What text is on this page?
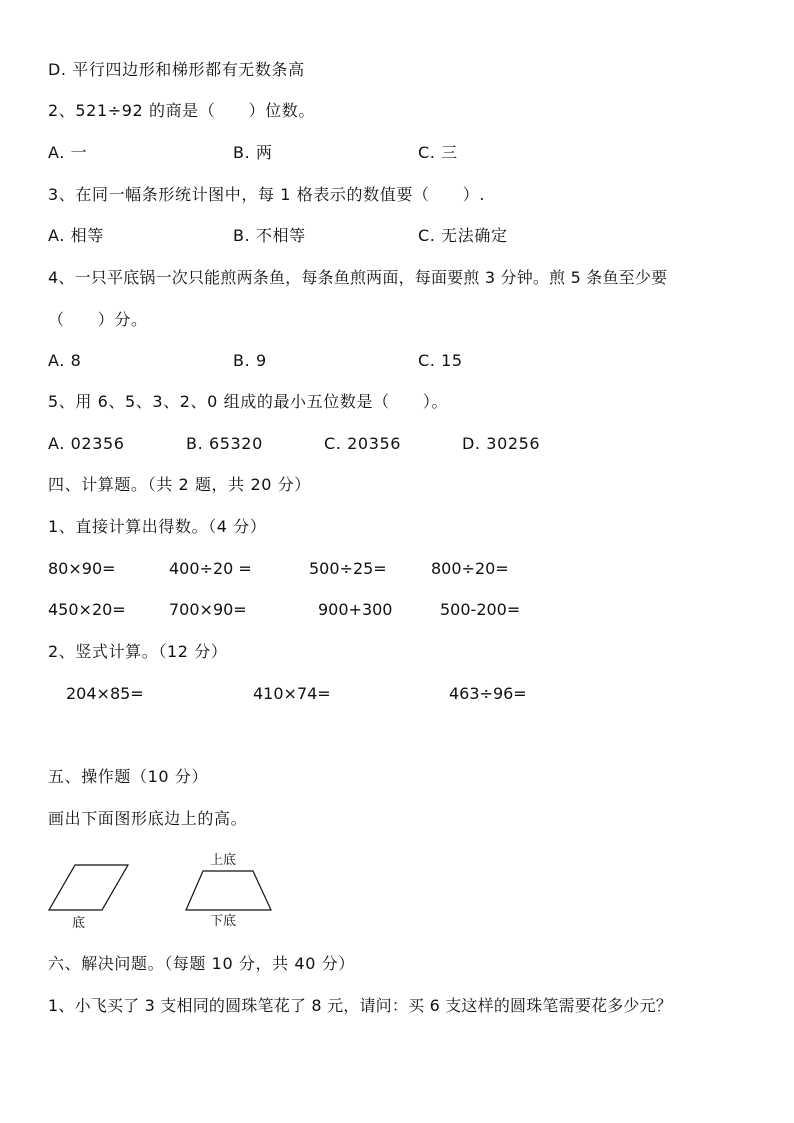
D. 平行四边形和梯形都有无数条高
2、521÷92 的商是（　　）位数。
A. 一	B. 两	C. 三
3、在同一幅条形统计图中，每 1 格表示的数值要（　　）.
A. 相等	B. 不相等	C. 无法确定
4、一只平底锅一次只能煎两条鱼，每条鱼煎两面，每面要煎 3 分钟。煎 5 条鱼至少要
（　　）分。
A. 8	B. 9	C. 15
5、用 6、5、3、2、0 组成的最小五位数是（　　）。
A. 02356	B. 65320	C. 20356	D. 30256
四、计算题。（共 2 题，共 20 分）
1、直接计算出得数。（4 分）
80×90=	400÷20 =	500÷25=	800÷20=
450×20=	700×90=	900+300	500-200=
2、竖式计算。（12 分）
204×85=	410×74=	463÷96=
五、操作题（10 分）
画出下面图形底边上的高。
底
上底
下底
六、解决问题。（每题 10 分，共 40 分）
1、小飞买了 3 支相同的圆珠笔花了 8 元，请问：买 6 支这样的圆珠笔需要花多少元？
